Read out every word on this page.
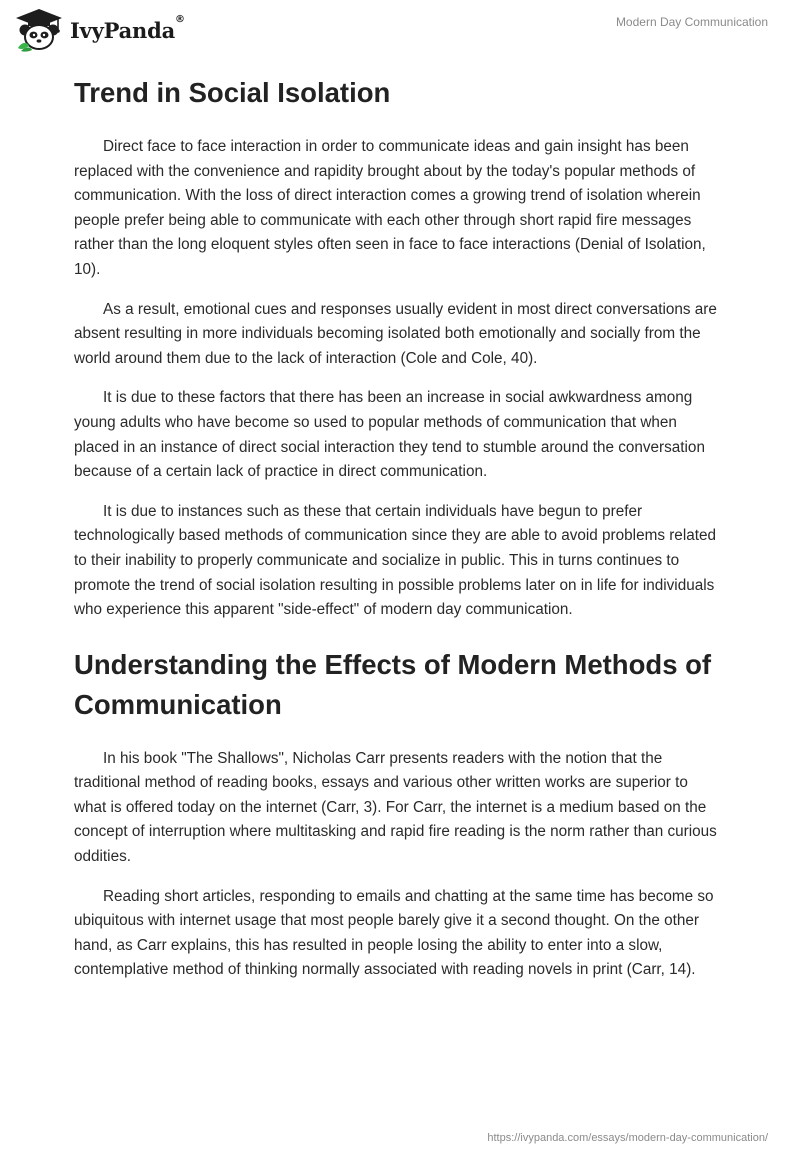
IvyPanda®	Modern Day Communication
Trend in Social Isolation

Direct face to face interaction in order to communicate ideas and gain insight has been replaced with the convenience and rapidity brought about by the today's popular methods of communication. With the loss of direct interaction comes a growing trend of isolation wherein people prefer being able to communicate with each other through short rapid fire messages rather than the long eloquent styles often seen in face to face interactions (Denial of Isolation, 10).

As a result, emotional cues and responses usually evident in most direct conversations are absent resulting in more individuals becoming isolated both emotionally and socially from the world around them due to the lack of interaction (Cole and Cole, 40).

It is due to these factors that there has been an increase in social awkwardness among young adults who have become so used to popular methods of communication that when placed in an instance of direct social interaction they tend to stumble around the conversation because of a certain lack of practice in direct communication.

It is due to instances such as these that certain individuals have begun to prefer technologically based methods of communication since they are able to avoid problems related to their inability to properly communicate and socialize in public. This in turns continues to promote the trend of social isolation resulting in possible problems later on in life for individuals who experience this apparent "side-effect" of modern day communication.

Understanding the Effects of Modern Methods of Communication

In his book "The Shallows", Nicholas Carr presents readers with the notion that the traditional method of reading books, essays and various other written works are superior to what is offered today on the internet (Carr, 3). For Carr, the internet is a medium based on the concept of interruption where multitasking and rapid fire reading is the norm rather than curious oddities.

Reading short articles, responding to emails and chatting at the same time has become so ubiquitous with internet usage that most people barely give it a second thought. On the other hand, as Carr explains, this has resulted in people losing the ability to enter into a slow, contemplative method of thinking normally associated with reading novels in print (Carr, 14).

https://ivypanda.com/essays/modern-day-communication/
